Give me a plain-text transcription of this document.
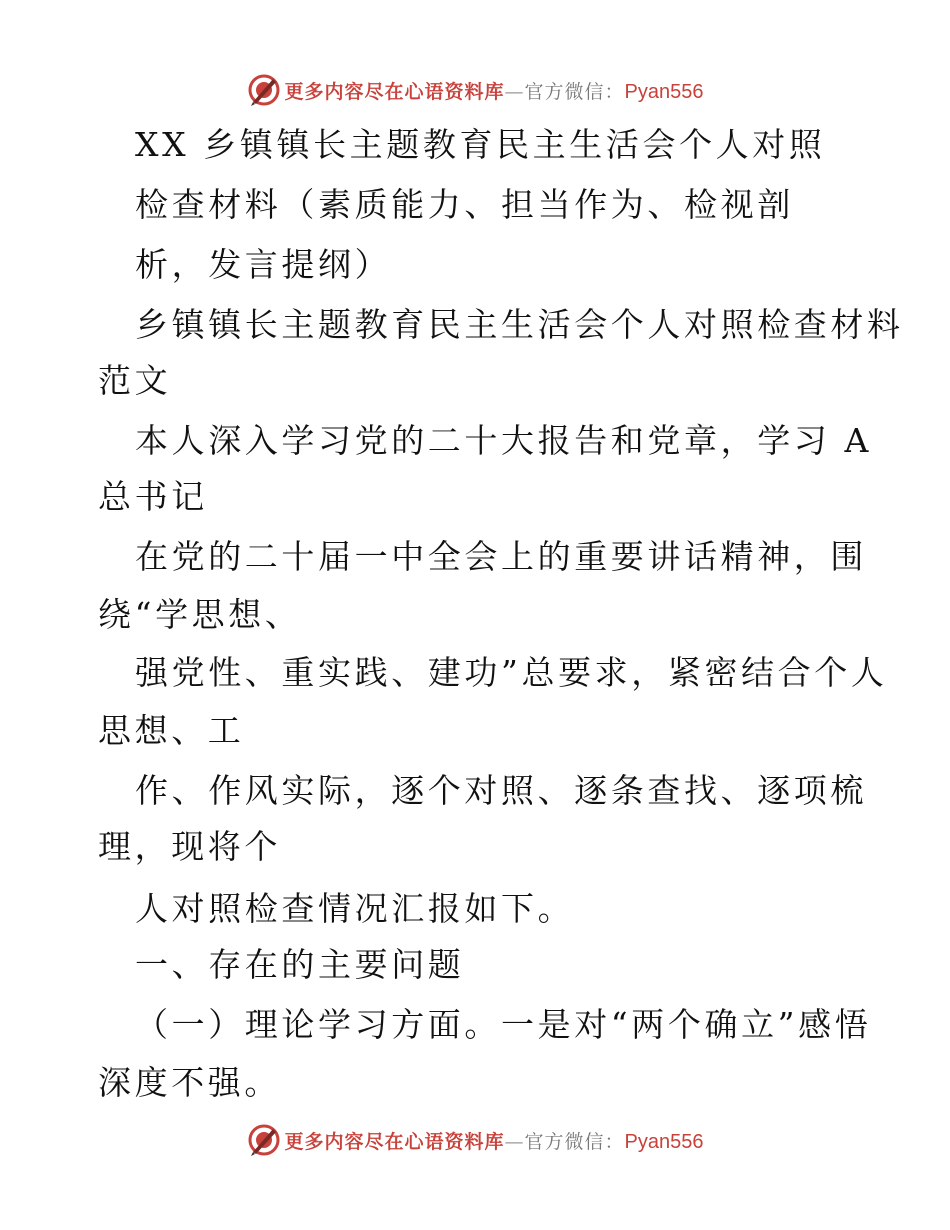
更多内容尽在心语资料库 — 官方微信： Pyan556
XX 乡镇镇长主题教育民主生活会个人对照
检查材料（素质能力、担当作为、检视剖
析，发言提纲）
乡镇镇长主题教育民主生活会个人对照检查材料
范文
本人深入学习党的二十大报告和党章，学习 A
总书记
在党的二十届一中全会上的重要讲话精神，围
绕“学思想、
强党性、重实践、建功”总要求，紧密结合个人
思想、工
作、作风实际，逐个对照、逐条查找、逐项梳
理，现将个
人对照检查情况汇报如下。
一、存在的主要问题
（一）理论学习方面。一是对“两个确立”感悟
深度不强。
更多内容尽在心语资料库 — 官方微信： Pyan556
